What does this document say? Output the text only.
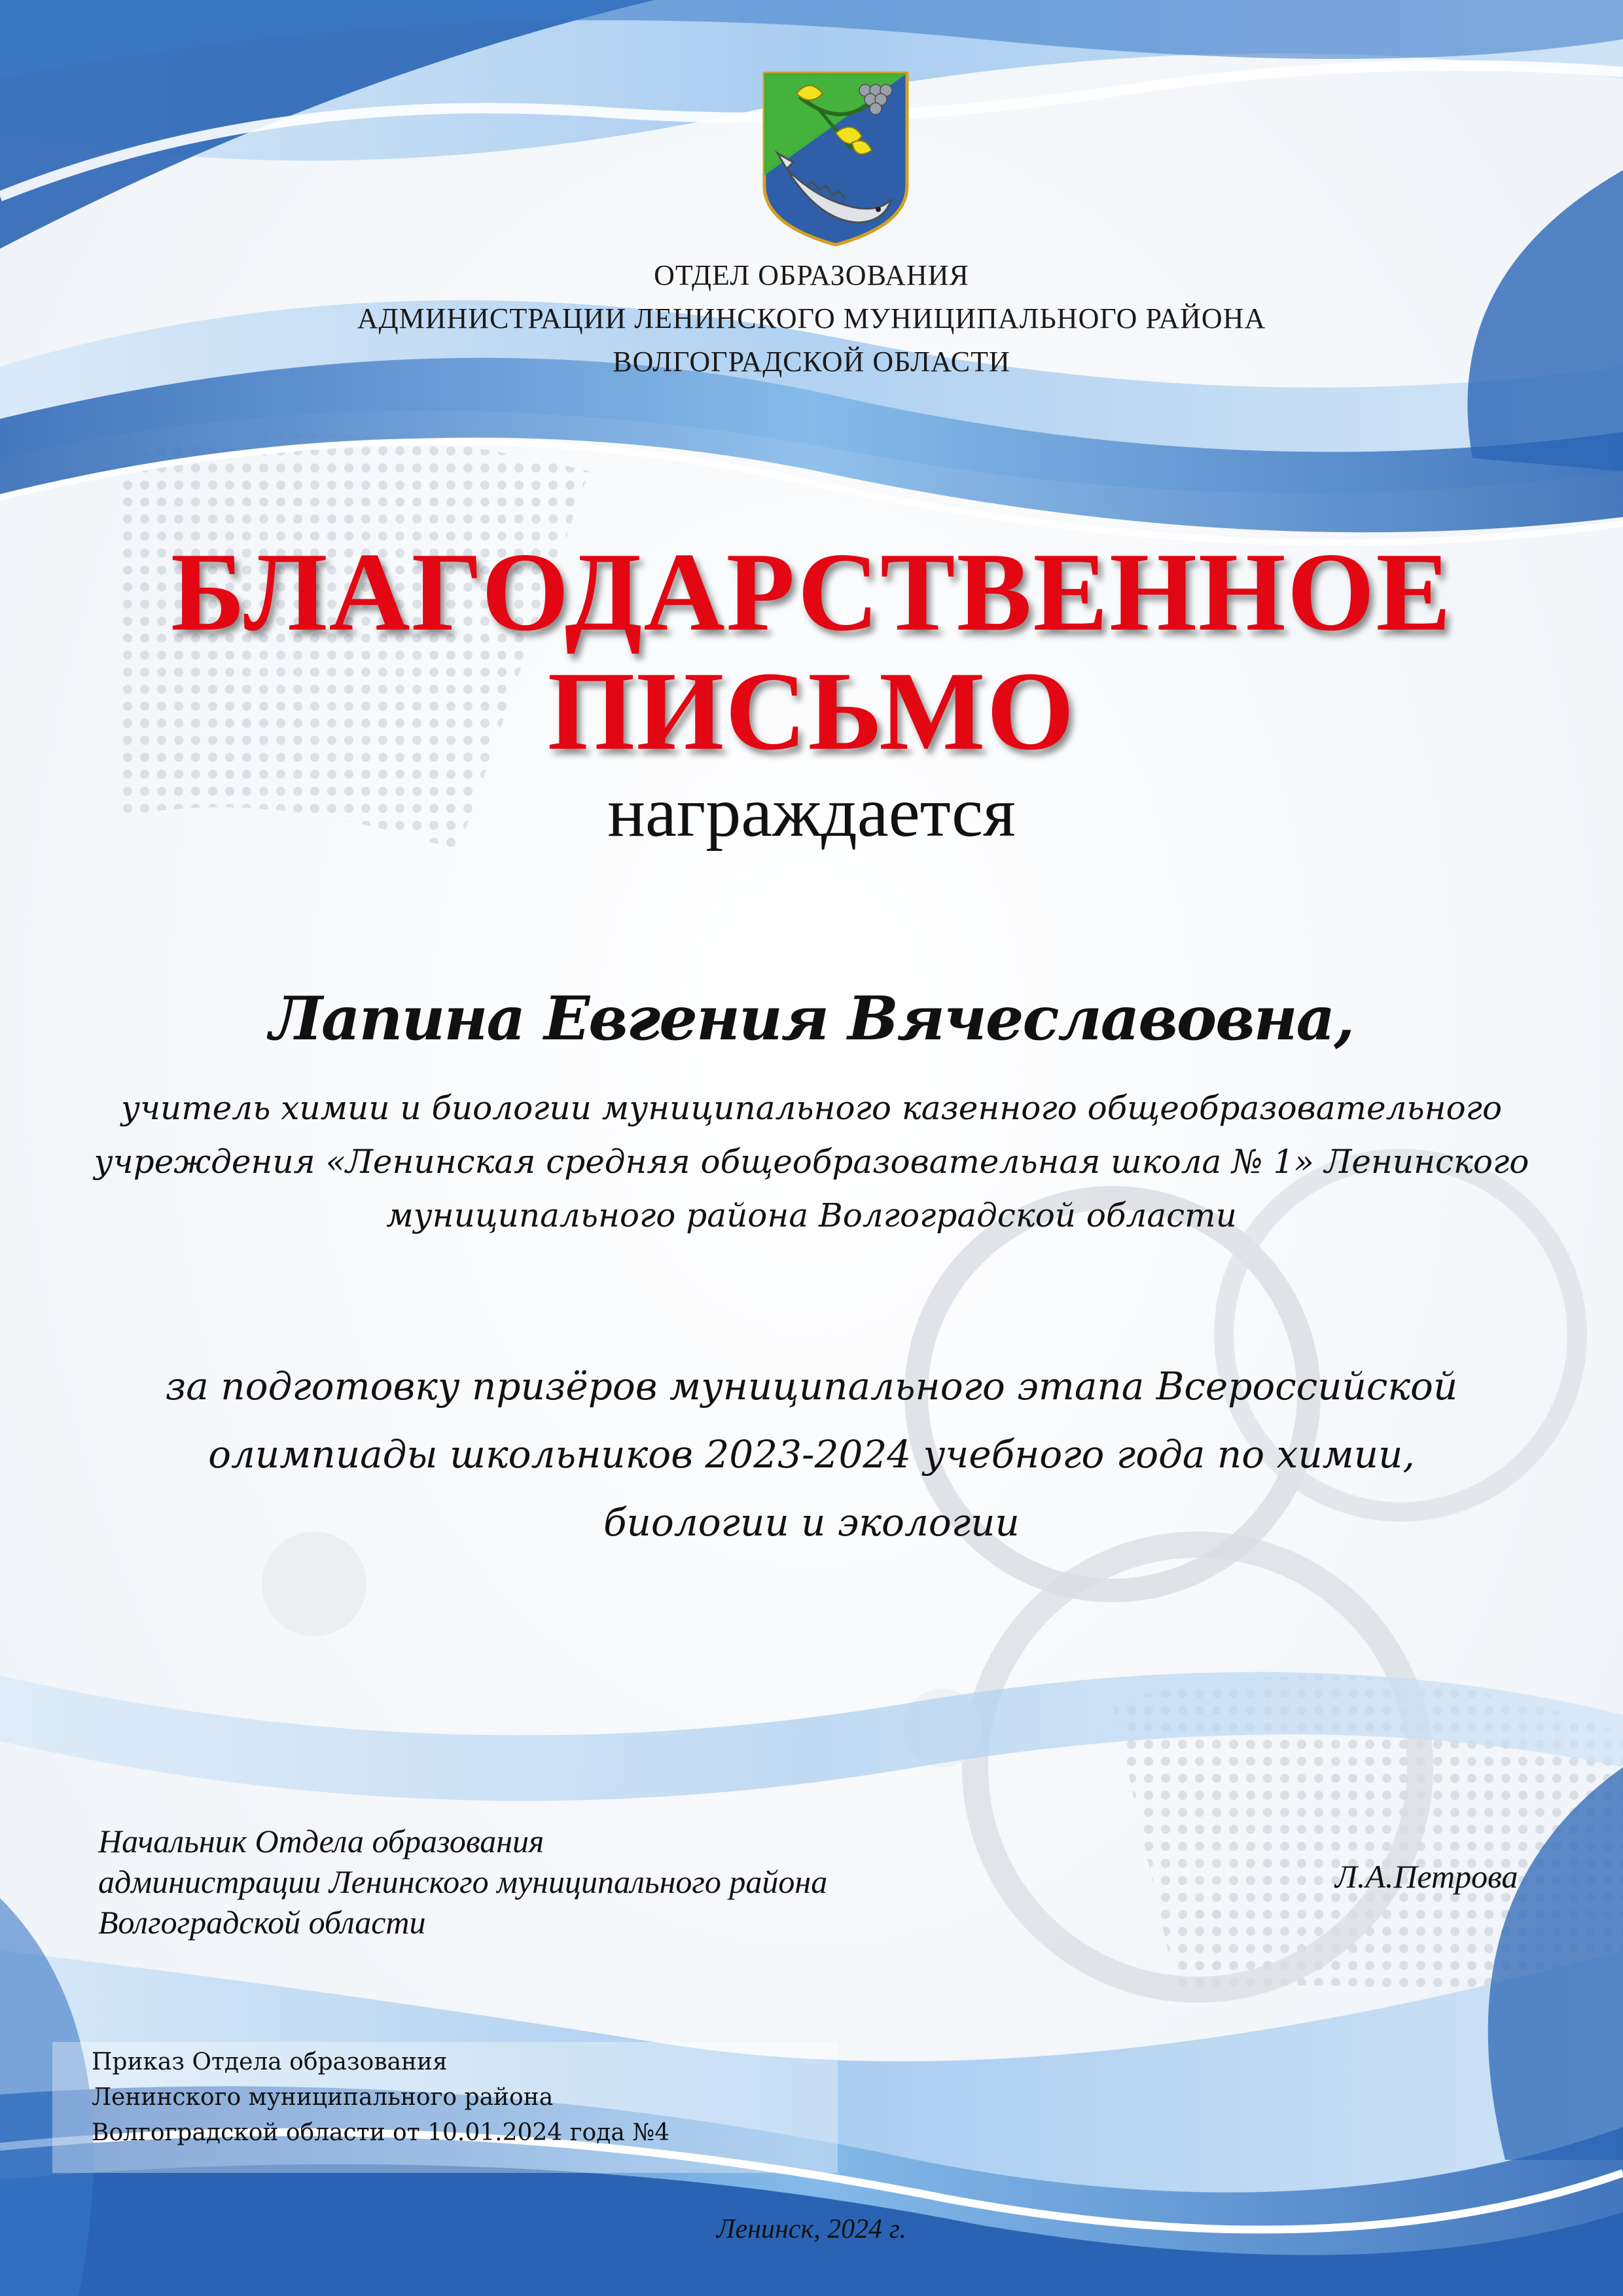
ОТДЕЛ ОБРАЗОВАНИЯ
АДМИНИСТРАЦИИ ЛЕНИНСКОГО МУНИЦИПАЛЬНОГО РАЙОНА
ВОЛГОГРАДСКОЙ ОБЛАСТИ
БЛАГОДАРСТВЕННОЕ
ПИСЬМО
награждается
Лапина Евгения Вячеславовна,
учитель химии и биологии муниципального казенного общеобразовательного
учреждения «Ленинская средняя общеобразовательная школа № 1» Ленинского
муниципального района Волгоградской области
за подготовку призёров муниципального этапа Всероссийской
олимпиады школьников 2023-2024 учебного года по химии,
биологии и экологии
Начальник Отдела образования
администрации Ленинского муниципального района
Волгоградской области
Л.А.Петрова
Приказ Отдела образования
Ленинского муниципального района
Волгоградской области от 10.01.2024 года №4
Ленинск, 2024 г.
